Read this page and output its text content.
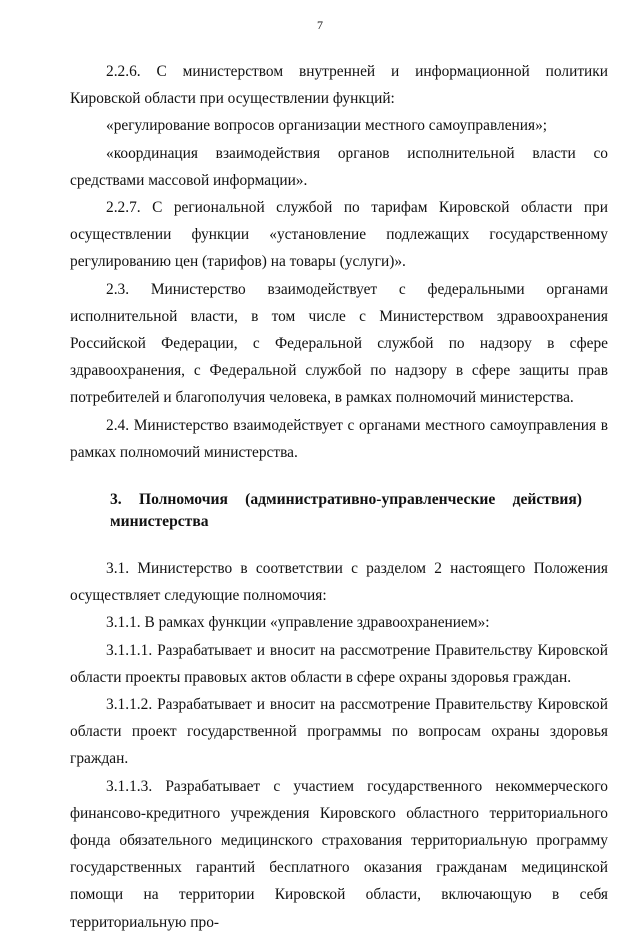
7

2.2.6. С министерством внутренней и информационной политики Кировской области при осуществлении функций:

«регулирование вопросов организации местного самоуправления»;

«координация взаимодействия органов исполнительной власти со средствами массовой информации».

2.2.7. С региональной службой по тарифам Кировской области при осуществлении функции «установление подлежащих государственному регулированию цен (тарифов) на товары (услуги)».

2.3. Министерство взаимодействует с федеральными органами исполнительной власти, в том числе с Министерством здравоохранения Российской Федерации, с Федеральной службой по надзору в сфере здравоохранения, с Федеральной службой по надзору в сфере защиты прав потребителей и благополучия человека, в рамках полномочий министерства.

2.4. Министерство взаимодействует с органами местного самоуправления в рамках полномочий министерства.

3. Полномочия (административно-управленческие действия) министерства

3.1. Министерство в соответствии с разделом 2 настоящего Положения осуществляет следующие полномочия:

3.1.1. В рамках функции «управление здравоохранением»:

3.1.1.1. Разрабатывает и вносит на рассмотрение Правительству Кировской области проекты правовых актов области в сфере охраны здоровья граждан.

3.1.1.2. Разрабатывает и вносит на рассмотрение Правительству Кировской области проект государственной программы по вопросам охраны здоровья граждан.

3.1.1.3. Разрабатывает с участием государственного некоммерческого финансово-кредитного учреждения Кировского областного территориального фонда обязательного медицинского страхования территориальную программу государственных гарантий бесплатного оказания гражданам медицинской помощи на территории Кировской области, включающую в себя территориальную про-
